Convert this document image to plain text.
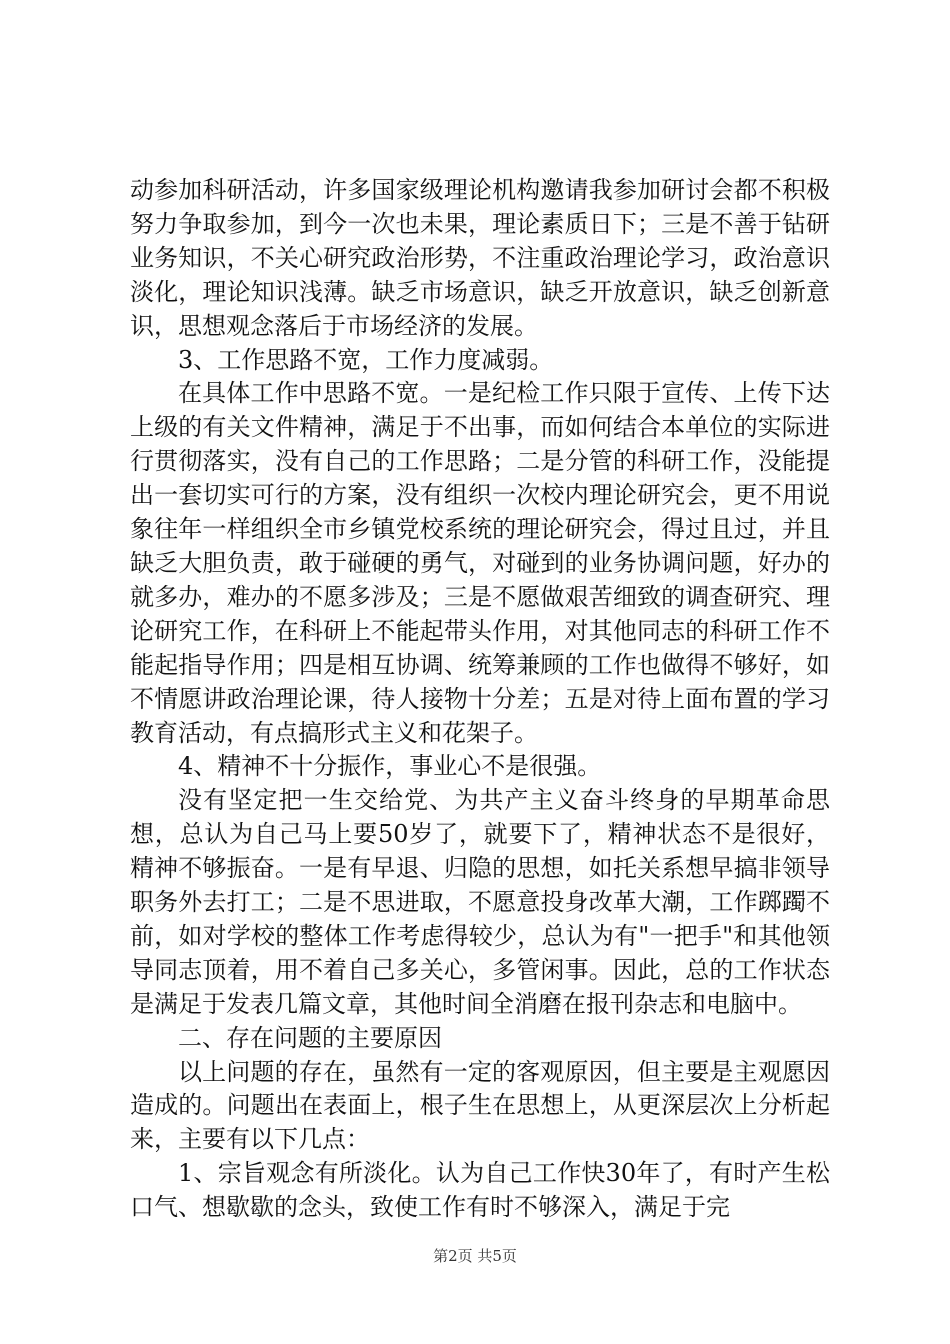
动参加科研活动，许多国家级理论机构邀请我参加研讨会都不积极努力争取参加，到今一次也未果，理论素质日下；三是不善于钻研业务知识，不关心研究政治形势，不注重政治理论学习，政治意识淡化，理论知识浅薄。缺乏市场意识，缺乏开放意识，缺乏创新意识，思想观念落后于市场经济的发展。

3、工作思路不宽，工作力度减弱。

在具体工作中思路不宽。一是纪检工作只限于宣传、上传下达上级的有关文件精神，满足于不出事，而如何结合本单位的实际进行贯彻落实，没有自己的工作思路；二是分管的科研工作，没能提出一套切实可行的方案，没有组织一次校内理论研究会，更不用说象往年一样组织全市乡镇党校系统的理论研究会，得过且过，并且缺乏大胆负责，敢于碰硬的勇气，对碰到的业务协调问题，好办的就多办，难办的不愿多涉及；三是不愿做艰苦细致的调查研究、理论研究工作，在科研上不能起带头作用，对其他同志的科研工作不能起指导作用；四是相互协调、统筹兼顾的工作也做得不够好，如不情愿讲政治理论课，待人接物十分差；五是对待上面布置的学习教育活动，有点搞形式主义和花架子。

4、精神不十分振作，事业心不是很强。

没有坚定把一生交给党、为共产主义奋斗终身的早期革命思想，总认为自己马上要50岁了，就要下了，精神状态不是很好，精神不够振奋。一是有早退、归隐的思想，如托关系想早搞非领导职务外去打工；二是不思进取，不愿意投身改革大潮，工作踯躅不前，如对学校的整体工作考虑得较少，总认为有"一把手"和其他领导同志顶着，用不着自己多关心，多管闲事。因此，总的工作状态是满足于发表几篇文章，其他时间全消磨在报刊杂志和电脑中。

二、存在问题的主要原因

以上问题的存在，虽然有一定的客观原因，但主要是主观愿因造成的。问题出在表面上，根子生在思想上，从更深层次上分析起来，主要有以下几点：

1、宗旨观念有所淡化。认为自己工作快30年了，有时产生松口气、想歇歇的念头，致使工作有时不够深入，满足于完

第2页 共5页
